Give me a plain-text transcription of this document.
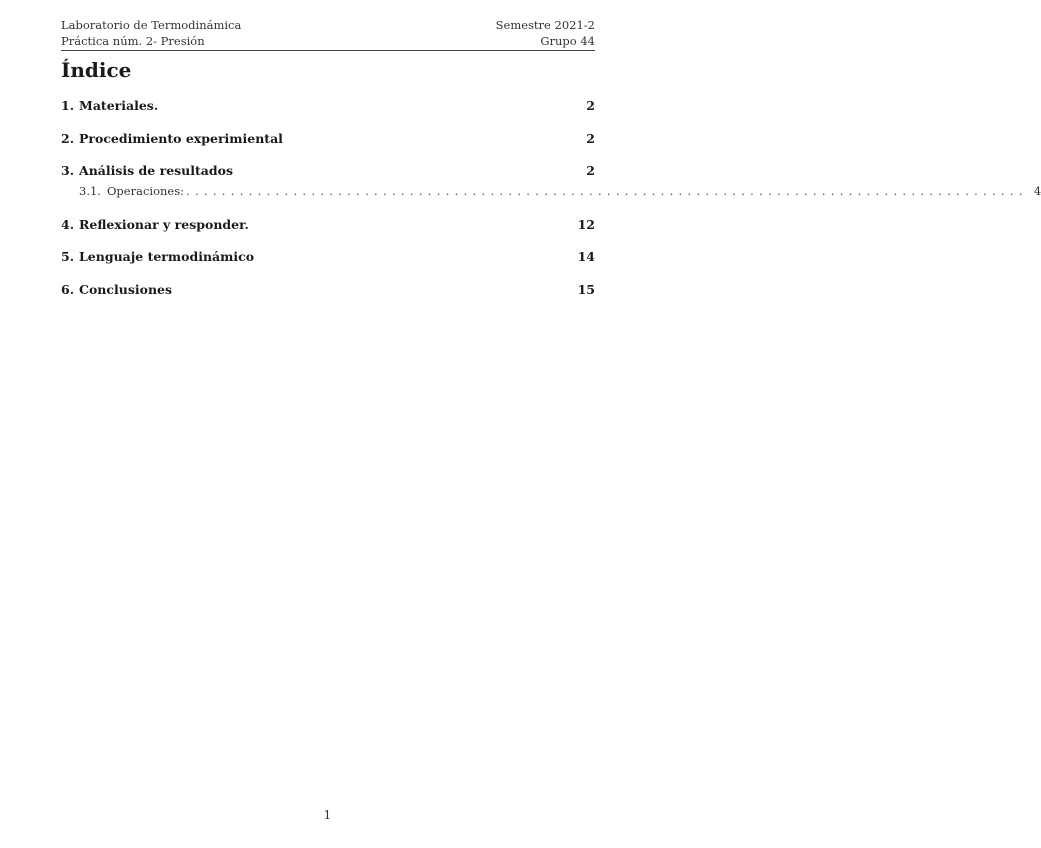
Laboratorio de Termodinámica	Semestre 2021-2
Práctica núm. 2- Presión	Grupo 44
Índice
1. Materiales.	2
2. Procedimiento experimiental	2
3. Análisis de resultados	2
3.1. Operaciones: .............................................................................................. 4
4. Reflexionar y responder.	12
5. Lenguaje termodinámico	14
6. Conclusiones	15
1
